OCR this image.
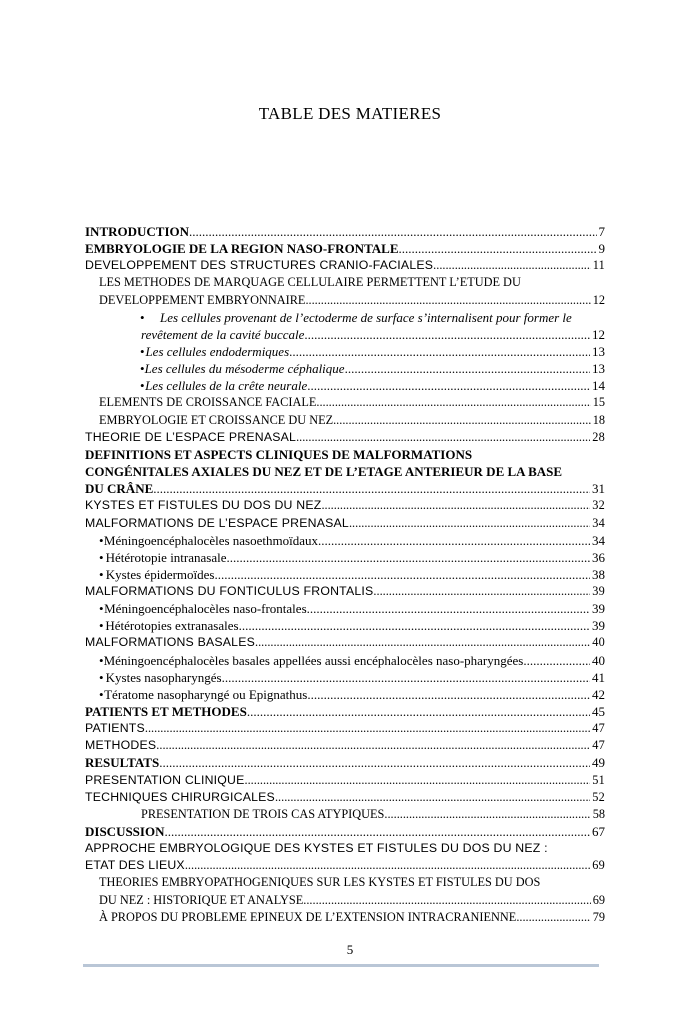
TABLE DES MATIERES
INTRODUCTION .....	7
EMBRYOLOGIE DE LA REGION NASO-FRONTALE .....	9
DEVELOPPEMENT DES STRUCTURES CRANIO-FACIALES .....	11
LES METHODES DE MARQUAGE CELLULAIRE PERMETTENT L’ETUDE DU
DEVELOPPEMENT EMBRYONNAIRE .....	12
• Les cellules provenant de l’ectoderme de surface s’internalisent pour former le
revêtement de la cavité buccale .....	12
• Les cellules endodermiques .....	13
• Les cellules du mésoderme céphalique .....	13
• Les cellules de la crête neurale .....	14
ELEMENTS DE CROISSANCE FACIALE .....	15
EMBRYOLOGIE ET CROISSANCE DU NEZ .....	18
THEORIE DE L’ESPACE PRENASAL .....	28
DEFINITIONS ET ASPECTS CLINIQUES DE MALFORMATIONS
CONGÉNITALES AXIALES DU NEZ ET DE L’ETAGE ANTERIEUR DE LA BASE
DU CRÂNE .....	31
KYSTES ET FISTULES DU DOS DU NEZ .....	32
MALFORMATIONS DE L’ESPACE PRENASAL .....	34
• Méningoencéphalocèles nasoethmoïdaux .....	34
• Hétérotopie intranasale .....	36
• Kystes épidermoïdes .....	38
MALFORMATIONS DU FONTICULUS FRONTALIS .....	39
• Méningoencéphalocèles naso-frontales .....	39
• Hétérotopies extranasales .....	39
MALFORMATIONS BASALES .....	40
• Méningoencéphalocèles basales appellées aussi encéphalocèles naso-pharyngées .....	40
• Kystes nasopharyngés .....	41
• Tératome nasopharyngé ou Epignathus .....	42
PATIENTS ET METHODES .....	45
PATIENTS .....	47
METHODES .....	47
RESULTATS .....	49
PRESENTATION CLINIQUE .....	51
TECHNIQUES CHIRURGICALES .....	52
PRESENTATION DE TROIS CAS ATYPIQUES .....	58
DISCUSSION .....	67
APPROCHE EMBRYOLOGIQUE DES KYSTES ET FISTULES DU DOS DU NEZ :
ETAT DES LIEUX .....	69
THEORIES EMBRYOPATHOGENIQUES SUR LES KYSTES ET FISTULES DU DOS
DU NEZ : HISTORIQUE ET ANALYSE .....	69
À PROPOS DU PROBLEME EPINEUX DE L’EXTENSION INTRACRANIENNE .....	79
5
